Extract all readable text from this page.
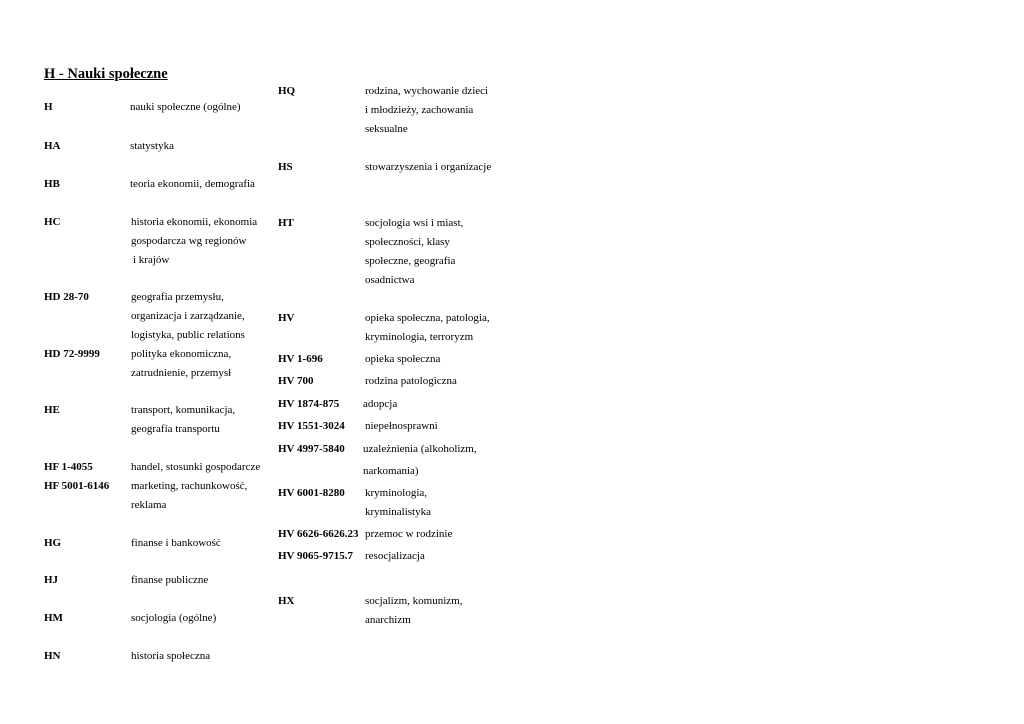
H - Nauki społeczne
H	nauki społeczne (ogólne)
HA	statystyka
HB	teoria ekonomii, demografia
HC	historia ekonomii, ekonomia
gospodarcza wg regionów
i krajów
HD 28-70	geografia przemysłu,
organizacja i zarządzanie,
logistyka, public relations
HD 72-9999	polityka ekonomiczna,
zatrudnienie, przemysł
HE	transport, komunikacja,
geografia transportu
HF 1-4055	handel, stosunki gospodarcze
HF 5001-6146 marketing, rachunkowość,
reklama
HG	finanse i bankowość
HJ	finanse publiczne
HM	socjologia (ogólne)
HN	historia społeczna
HQ	rodzina, wychowanie dzieci
i młodzieży, zachowania
seksualne
HS	stowarzyszenia i organizacje
HT	socjologia wsi i miast,
społeczności, klasy
społeczne, geografia
osadnictwa
HV	opieka społeczna, patologia,
kryminologia, terroryzm
HV 1-696	opieka społeczna
HV 700	rodzina patologiczna
HV 1874-875 adopcja
HV 1551-3024 niepełnosprawni
HV 4997-5840 uzależnienia (alkoholizm,
narkomania)
HV 6001-8280 kryminologia,
kryminalistyka
HV 6626-6626.23 przemoc w rodzinie
HV 9065-9715.7 resocjalizacja
HX	socjalizm, komunizm,
anarchizm
